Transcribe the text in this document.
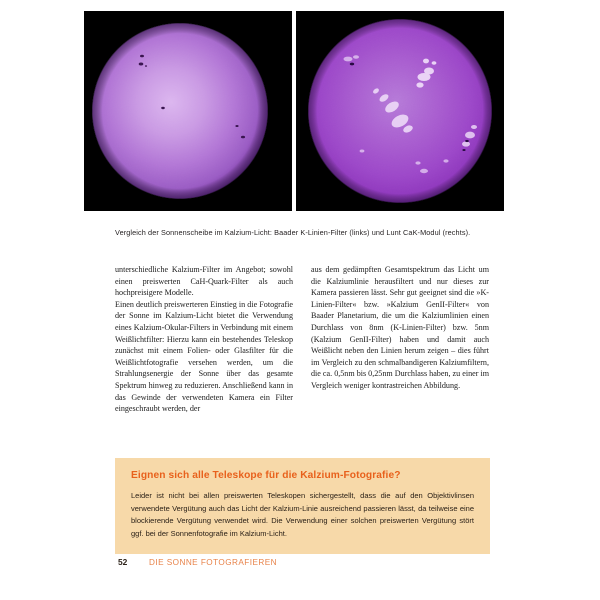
Vergleich der Sonnenscheibe im Kalzium-Licht: Baader K-Linien-Filter (links) und Lunt CaK-Modul (rechts).

unterschiedliche Kalzium-Filter im Angebot; sowohl einen preiswerten CaH-Quark-Filter als auch hochpreisigere Modelle.

Einen deutlich preiswerteren Einstieg in die Fotografie der Sonne im Kalzium-Licht bietet die Verwendung eines Kalzium-Okular-Filters in Verbindung mit einem Weißlichtfilter: Hierzu kann ein bestehendes Teleskop zunächst mit einem Folien- oder Glasfilter für die Weißlichtfotografie versehen werden, um die Strahlungsenergie der Sonne über das gesamte Spektrum hinweg zu reduzieren. Anschließend kann in das Gewinde der verwendeten Kamera ein Filter eingeschraubt werden, der

aus dem gedämpften Gesamtspektrum das Licht um die Kalziumlinie herausfiltert und nur dieses zur Kamera passieren lässt. Sehr gut geeignet sind die »K-Linien-Filter« bzw. »Kalzium GenII-Filter« von Baader Planetarium, die um die Kalziumlinien einen Durchlass von 8nm (K-Linien-Filter) bzw. 5nm (Kalzium GenII-Filter) haben und damit auch Weißlicht neben den Linien herum zeigen – dies führt im Vergleich zu den schmalbandigeren Kalziumfiltern, die ca. 0,5nm bis 0,25nm Durchlass haben, zu einer im Vergleich weniger kontrastreichen Abbildung.

Eignen sich alle Teleskope für die Kalzium-Fotografie?

Leider ist nicht bei allen preiswerten Teleskopen sichergestellt, dass die auf den Objektivlinsen verwendete Vergütung auch das Licht der Kalzium-Linie ausreichend passieren lässt, da teilweise eine blockierende Vergütung verwendet wird. Die Verwendung einer solchen preiswerten Vergütung stört ggf. bei der Sonnenfotografie im Kalzium-Licht.

52	DIE SONNE FOTOGRAFIEREN
